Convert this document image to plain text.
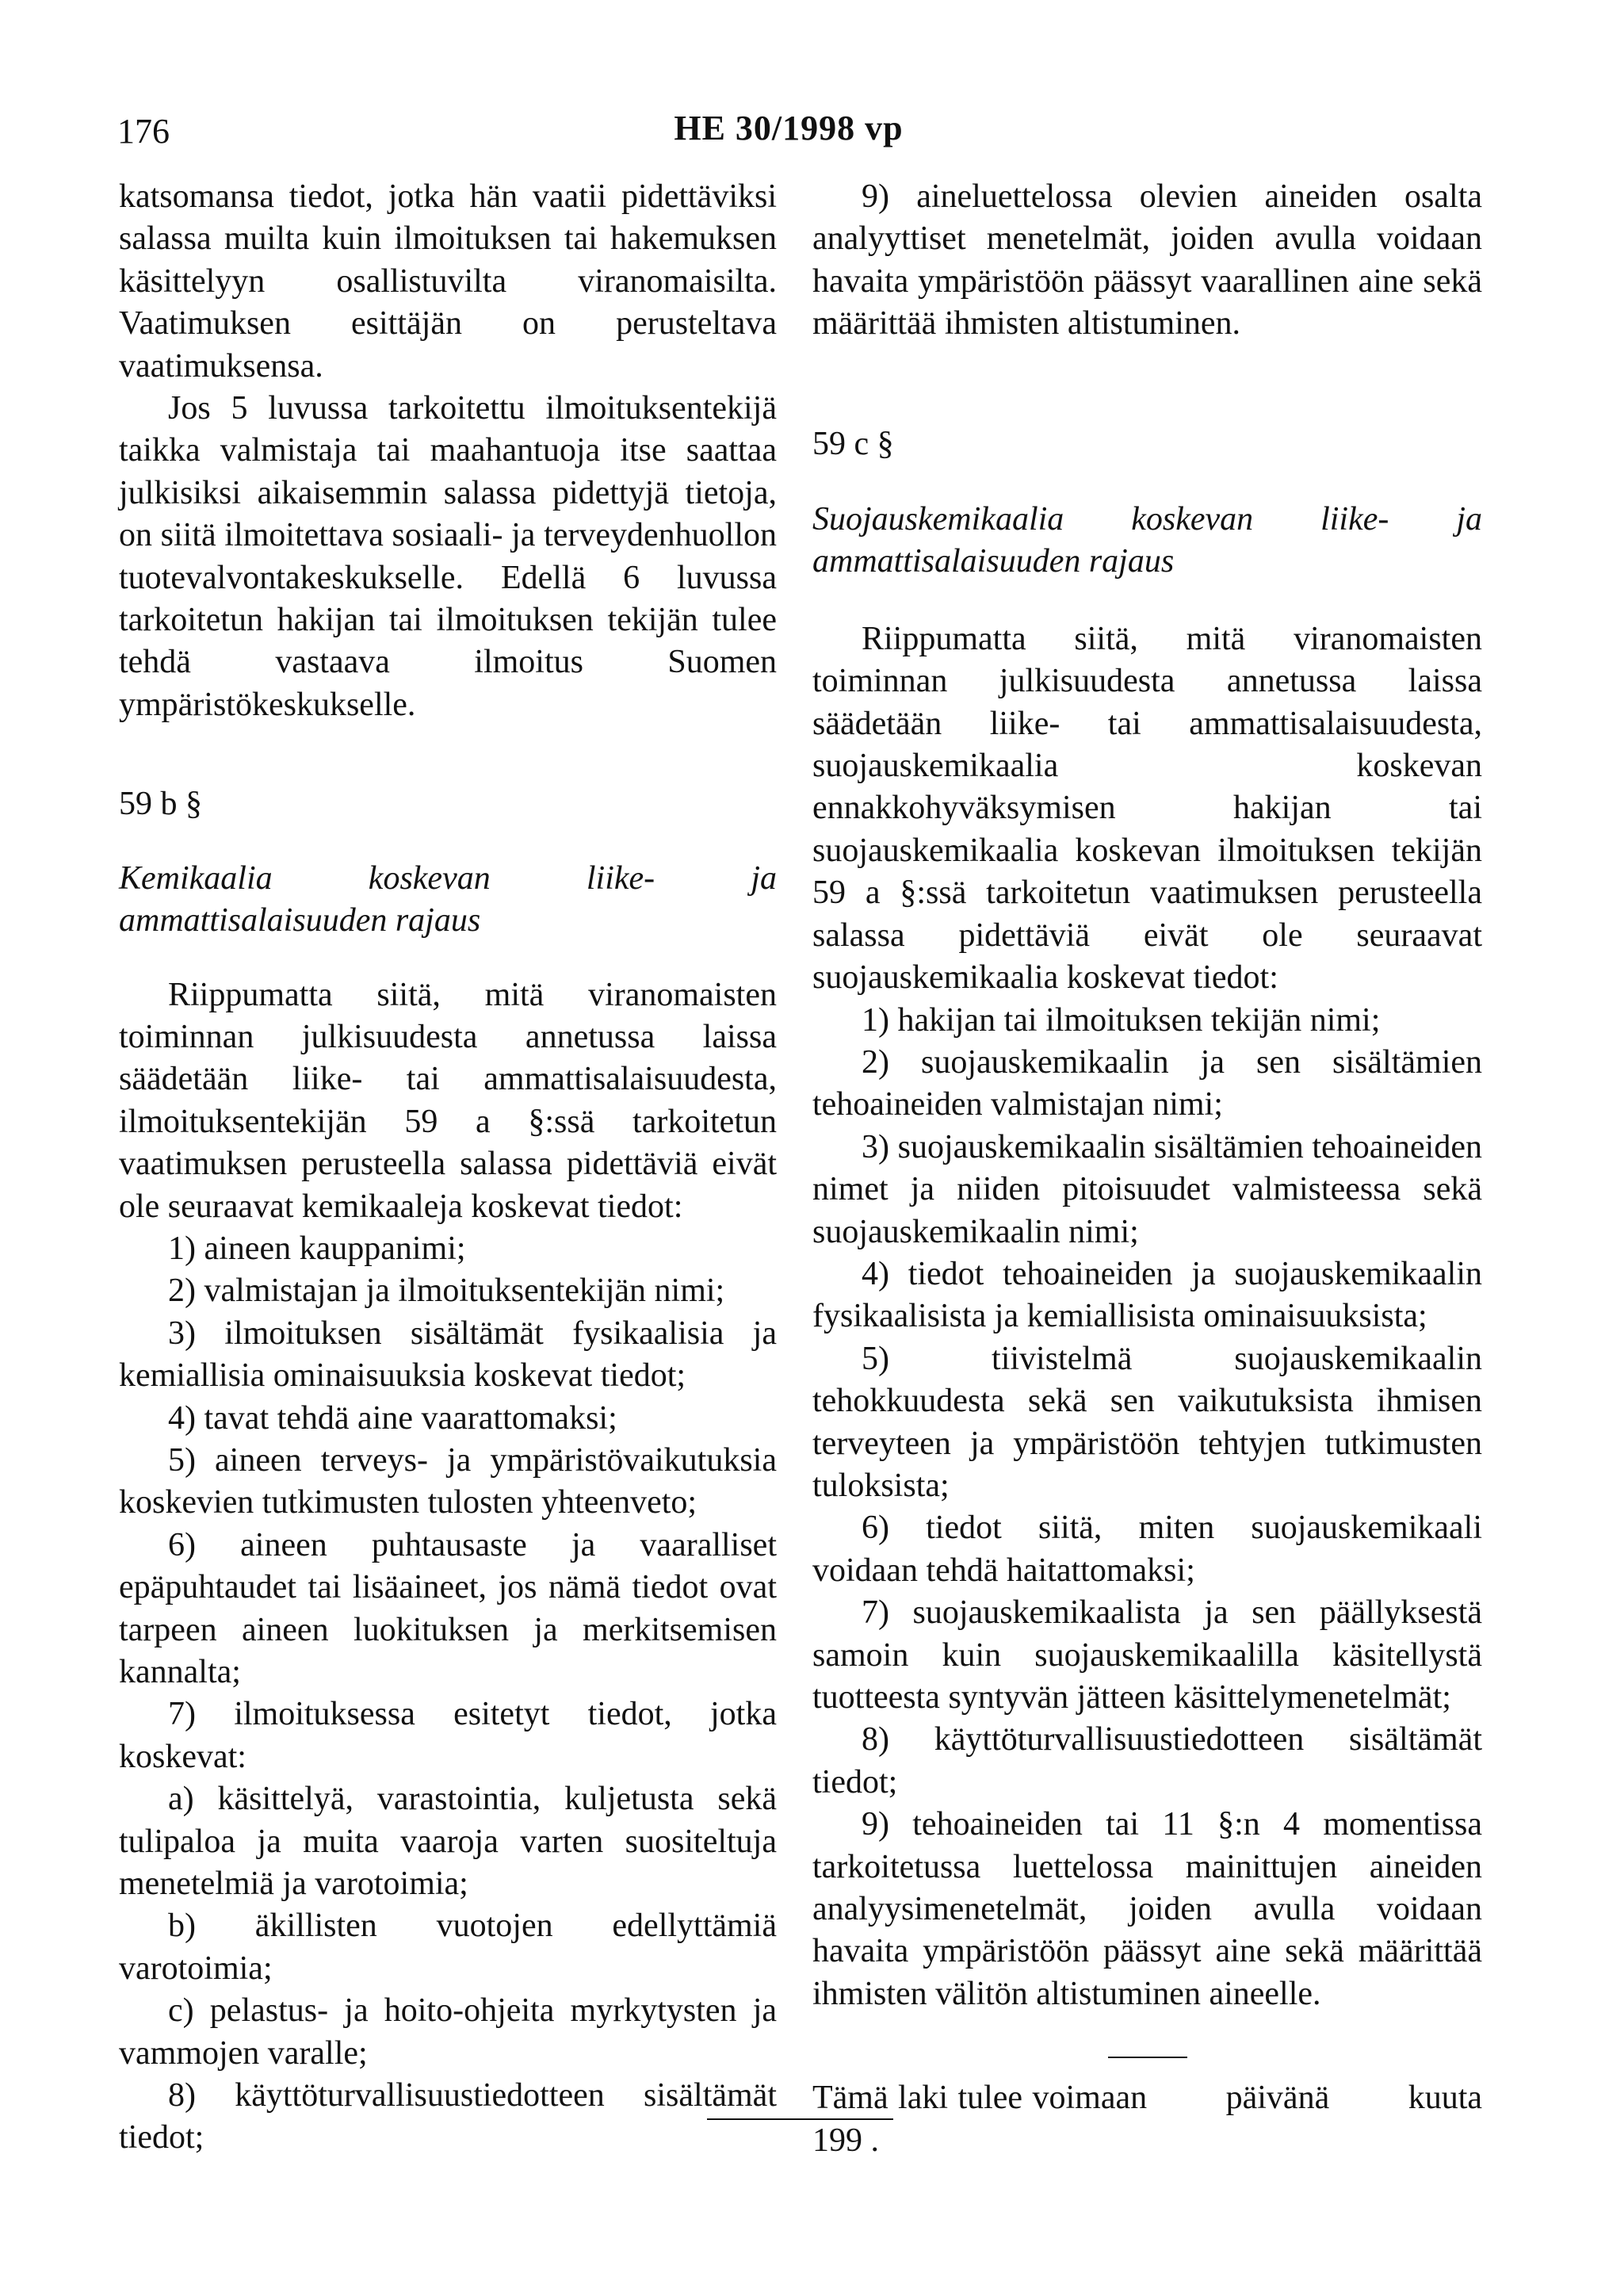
176	HE 30/1998 vp

katsomansa tiedot, jotka hän vaatii pidettäviksi salassa muilta kuin ilmoituksen tai hakemuksen käsittelyyn osallistuvilta viranomaisilta. Vaatimuksen esittäjän on perusteltava vaatimuksensa.

Jos 5 luvussa tarkoitettu ilmoituksentekijä taikka valmistaja tai maahantuoja itse saattaa julkisiksi aikaisemmin salassa pidettyjä tietoja, on siitä ilmoitettava sosiaali- ja terveydenhuollon tuotevalvontakeskukselle. Edellä 6 luvussa tarkoitetun hakijan tai ilmoituksen tekijän tulee tehdä vastaava ilmoitus Suomen ympäristökeskukselle.

59 b §

Kemikaalia koskevan liike- ja ammattisalaisuuden rajaus

Riippumatta siitä, mitä viranomaisten toiminnan julkisuudesta annetussa laissa säädetään liike- tai ammattisalaisuudesta, ilmoituksentekijän 59 a §:ssä tarkoitetun vaatimuksen perusteella salassa pidettäviä eivät ole seuraavat kemikaaleja koskevat tiedot:

1) aineen kauppanimi;

2) valmistajan ja ilmoituksentekijän nimi;

3) ilmoituksen sisältämät fysikaalisia ja kemiallisia ominaisuuksia koskevat tiedot;

4) tavat tehdä aine vaarattomaksi;

5) aineen terveys- ja ympäristövaikutuksia koskevien tutkimusten tulosten yhteenveto;

6) aineen puhtausaste ja vaaralliset epäpuhtaudet tai lisäaineet, jos nämä tiedot ovat tarpeen aineen luokituksen ja merkitsemisen kannalta;

7) ilmoituksessa esitetyt tiedot, jotka koskevat:

a) käsittelyä, varastointia, kuljetusta sekä tulipaloa ja muita vaaroja varten suositeltuja menetelmiä ja varotoimia;

b) äkillisten vuotojen edellyttämiä varotoimia;

c) pelastus- ja hoito-ohjeita myrkytysten ja vammojen varalle;

8) käyttöturvallisuustiedotteen sisältämät tiedot;

9) aineluettelossa olevien aineiden osalta analyyttiset menetelmät, joiden avulla voidaan havaita ympäristöön päässyt vaarallinen aine sekä määrittää ihmisten altistuminen.

59 c §

Suojauskemikaalia koskevan liike- ja ammattisalaisuuden rajaus

Riippumatta siitä, mitä viranomaisten toiminnan julkisuudesta annetussa laissa säädetään liike- tai ammattisalaisuudesta, suojauskemikaalia koskevan ennakkohyväksymisen hakijan tai suojauskemikaalia koskevan ilmoituksen tekijän 59 a §:ssä tarkoitetun vaatimuksen perusteella salassa pidettäviä eivät ole seuraavat suojauskemikaalia koskevat tiedot:

1) hakijan tai ilmoituksen tekijän nimi;

2) suojauskemikaalin ja sen sisältämien tehoaineiden valmistajan nimi;

3) suojauskemikaalin sisältämien tehoaineiden nimet ja niiden pitoisuudet valmisteessa sekä suojauskemikaalin nimi;

4) tiedot tehoaineiden ja suojauskemikaalin fysikaalisista ja kemiallisista ominaisuuksista;

5) tiivistelmä suojauskemikaalin tehokkuudesta sekä sen vaikutuksista ihmisen terveyteen ja ympäristöön tehtyjen tutkimusten tuloksista;

6) tiedot siitä, miten suojauskemikaali voidaan tehdä haitattomaksi;

7) suojauskemikaalista ja sen päällyksestä samoin kuin suojauskemikaalilla käsitellystä tuotteesta syntyvän jätteen käsittelymenetelmät;

8) käyttöturvallisuustiedotteen sisältämät tiedot;

9) tehoaineiden tai 11 §:n 4 momentissa tarkoitetussa luettelossa mainittujen aineiden analyysimenetelmät, joiden avulla voidaan havaita ympäristöön päässyt aine sekä määrittää ihmisten välitön altistuminen aineelle.

Tämä laki tulee voimaan        päivänä        kuuta 199 .
